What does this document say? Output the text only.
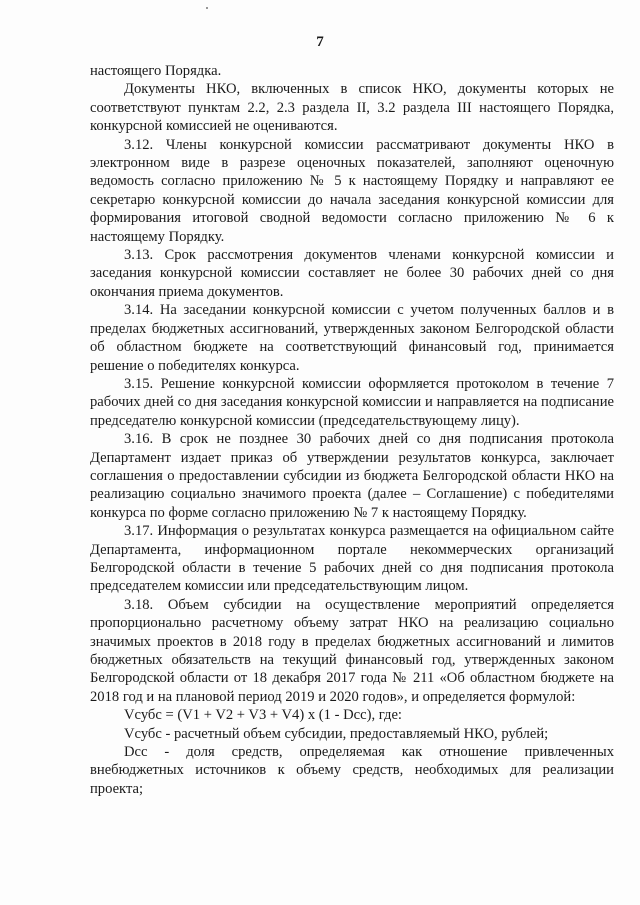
7

настоящего Порядка.

Документы НКО, включенных в список НКО, документы которых не соответствуют пунктам 2.2, 2.3 раздела II, 3.2 раздела III настоящего Порядка, конкурсной комиссией не оцениваются.

3.12. Члены конкурсной комиссии рассматривают документы НКО в электронном виде в разрезе оценочных показателей, заполняют оценочную ведомость согласно приложению № 5 к настоящему Порядку и направляют ее секретарю конкурсной комиссии до начала заседания конкурсной комиссии для формирования итоговой сводной ведомости согласно приложению № 6 к настоящему Порядку.

3.13. Срок рассмотрения документов членами конкурсной комиссии и заседания конкурсной комиссии составляет не более 30 рабочих дней со дня окончания приема документов.

3.14. На заседании конкурсной комиссии с учетом полученных баллов и в пределах бюджетных ассигнований, утвержденных законом Белгородской области об областном бюджете на соответствующий финансовый год, принимается решение о победителях конкурса.

3.15. Решение конкурсной комиссии оформляется протоколом в течение 7 рабочих дней со дня заседания конкурсной комиссии и направляется на подписание председателю конкурсной комиссии (председательствующему лицу).

3.16. В срок не позднее 30 рабочих дней со дня подписания протокола Департамент издает приказ об утверждении результатов конкурса, заключает соглашения о предоставлении субсидии из бюджета Белгородской области НКО на реализацию социально значимого проекта (далее – Соглашение) с победителями конкурса по форме согласно приложению № 7 к настоящему Порядку.

3.17. Информация о результатах конкурса размещается на официальном сайте Департамента, информационном портале некоммерческих организаций Белгородской области в течение 5 рабочих дней со дня подписания протокола председателем комиссии или председательствующим лицом.

3.18. Объем субсидии на осуществление мероприятий определяется пропорционально расчетному объему затрат НКО на реализацию социально значимых проектов в 2018 году в пределах бюджетных ассигнований и лимитов бюджетных обязательств на текущий финансовый год, утвержденных законом Белгородской области от 18 декабря 2017 года № 211 «Об областном бюджете на 2018 год и на плановой период 2019 и 2020 годов», и определяется формулой:

Vсубс = (V1 + V2 + V3 + V4) x (1 - Dсс), где:

Vсубс - расчетный объем субсидии, предоставляемый НКО, рублей;

Dсс - доля средств, определяемая как отношение привлеченных внебюджетных источников к объему средств, необходимых для реализации проекта;
